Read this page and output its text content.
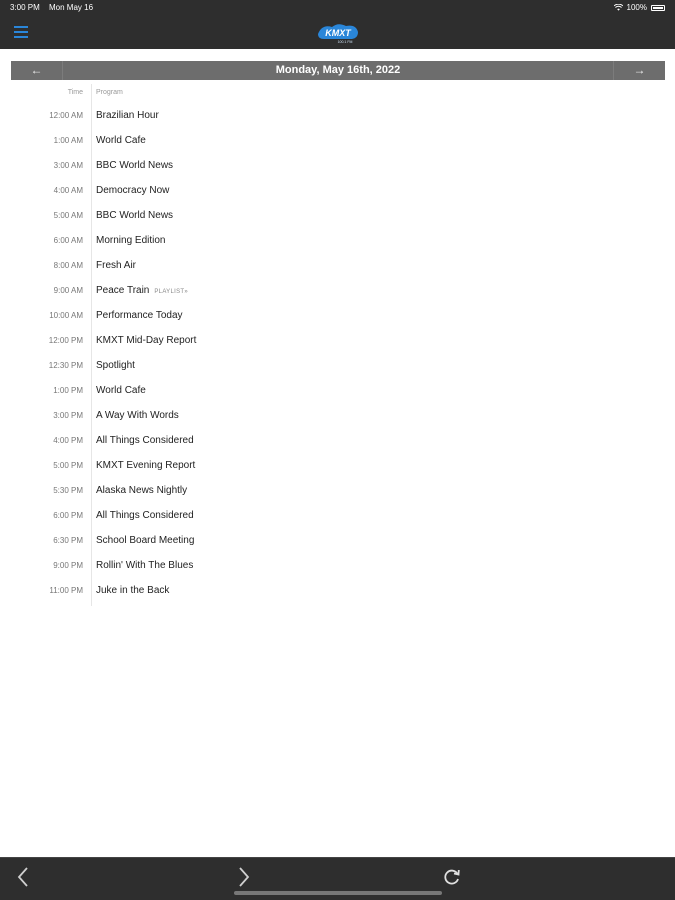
3:00 PM Mon May 16	100%
KMXT
100.1 FM
←	Monday, May 16th, 2022	→
Time Program
12:00 AM Brazilian Hour
1:00 AM World Cafe
3:00 AM BBC World News
4:00 AM Democracy Now
5:00 AM BBC World News
6:00 AM Morning Edition
8:00 AM Fresh Air
9:00 AM Peace Train PLAYLIST»
10:00 AM Performance Today
12:00 PM KMXT Mid-Day Report
12:30 PM Spotlight
1:00 PM World Cafe
3:00 PM A Way With Words
4:00 PM All Things Considered
5:00 PM KMXT Evening Report
5:30 PM Alaska News Nightly
6:00 PM All Things Considered
6:30 PM School Board Meeting
9:00 PM Rollin' With The Blues
11:00 PM Juke in the Back
